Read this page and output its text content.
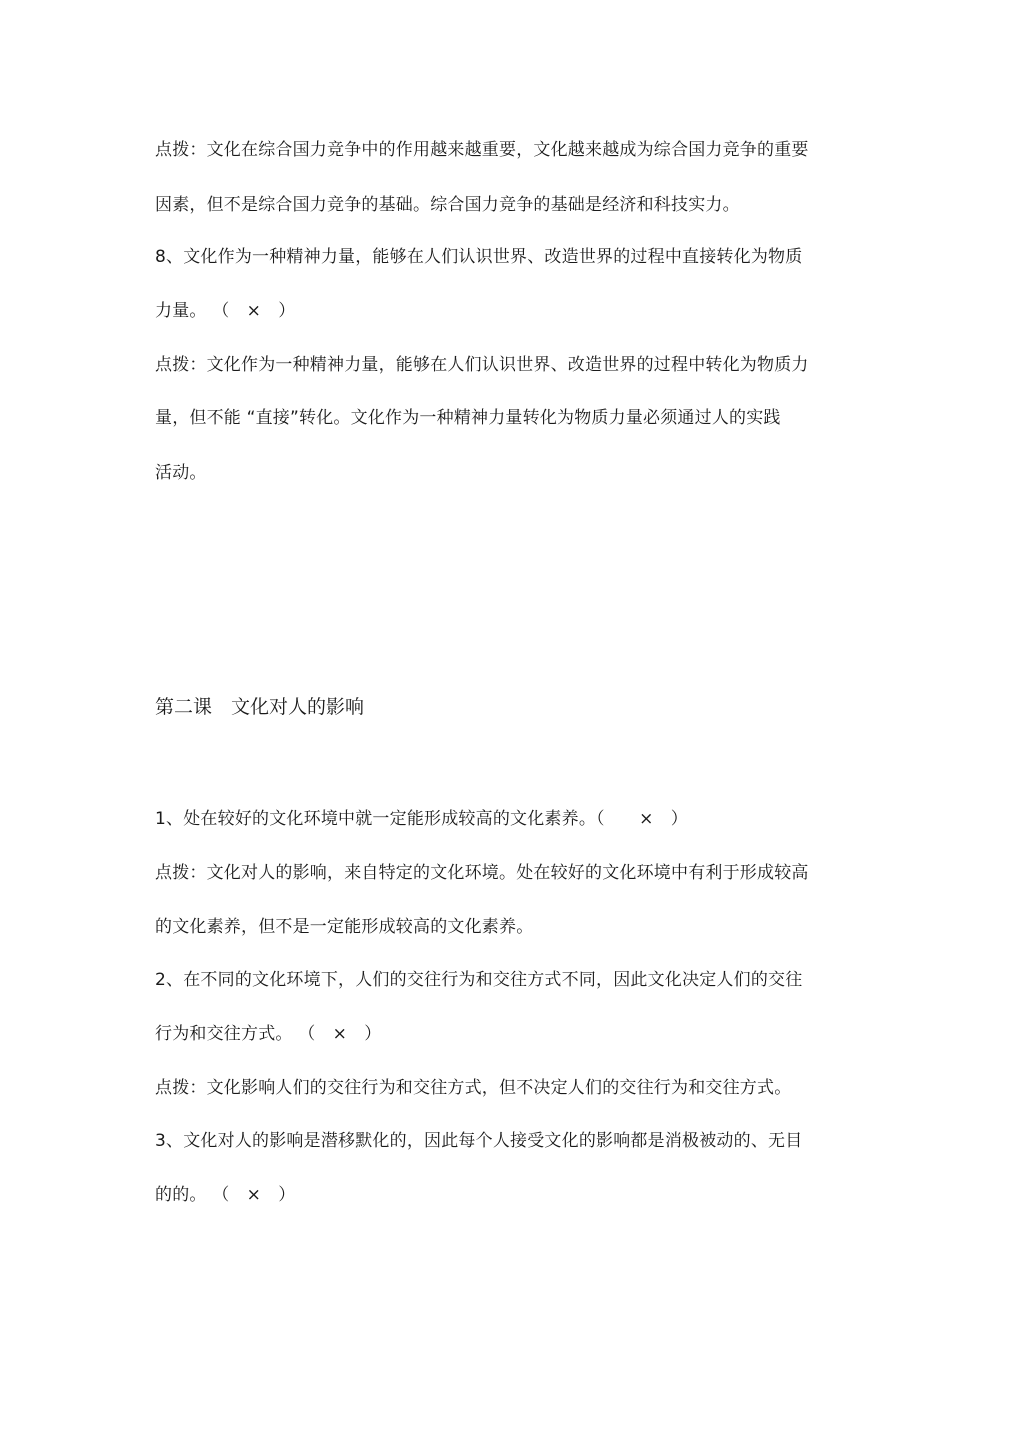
点拨：文化在综合国力竞争中的作用越来越重要，文化越来越成为综合国力竞争的重要
因素，但不是综合国力竞争的基础。综合国力竞争的基础是经济和科技实力。
8、文化作为一种精神力量，能够在人们认识世界、改造世界的过程中直接转化为物质
力量。 （　×　）
点拨：文化作为一种精神力量，能够在人们认识世界、改造世界的过程中转化为物质力
量，但不能 “直接”转化。文化作为一种精神力量转化为物质力量必须通过人的实践
活动。
第二课　文化对人的影响
1、处在较好的文化环境中就一定能形成较高的文化素养。（　　×　）
点拨：文化对人的影响，来自特定的文化环境。处在较好的文化环境中有利于形成较高
的文化素养，但不是一定能形成较高的文化素养。
2、在不同的文化环境下，人们的交往行为和交往方式不同，因此文化决定人们的交往
行为和交往方式。 （　×　）
点拨：文化影响人们的交往行为和交往方式，但不决定人们的交往行为和交往方式。
3、文化对人的影响是潜移默化的，因此每个人接受文化的影响都是消极被动的、无目
的的。 （　×　）
